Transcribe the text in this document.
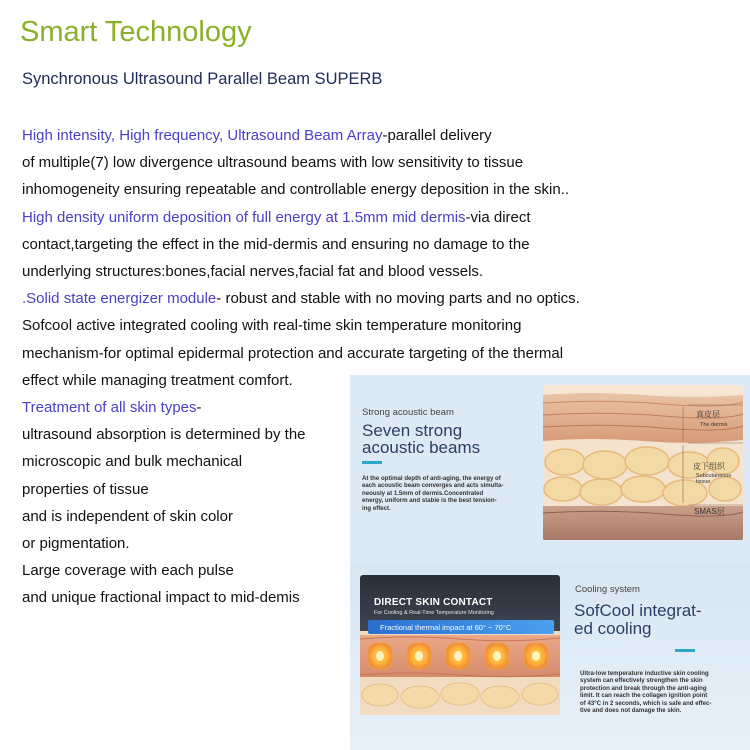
Smart Technology
Synchronous Ultrasound Parallel Beam SUPERB
High intensity, High frequency, Ultrasound Beam Array-parallel delivery
of multiple(7) low divergence ultrasound beams with low sensitivity to tissue
inhomogeneity ensuring repeatable and controllable energy deposition in the skin..
High density uniform deposition of full energy at 1.5mm mid dermis-via direct
contact,targeting the effect in the mid-dermis and ensuring no damage to the
underlying structures:bones,facial nerves,facial fat and blood vessels.
.Solid state energizer module- robust and stable with no moving parts and no optics.
Sofcool active integrated cooling with real-time skin temperature monitoring
mechanism-for optimal epidermal protection and accurate targeting of the thermal
effect while managing treatment comfort.
Treatment of all skin types-
ultrasound absorption is determined by the
microscopic and bulk mechanical
properties of tissue
and is independent of skin color
or pigmentation.
Large coverage with each pulse
and unique fractional impact to mid-demis
Strong acoustic beam
Seven strong
acoustic beams
At the optimal depth of anti-aging, the energy of
each acoustic beam converges and acts simulta-
neously at 1.5mm of dermis.Concentrated
energy, uniform and stable is the best tension-
ing effect.
真皮层
The dermis
皮下组织
Subcutaneous
tissue
SMAS层
DIRECT SKIN CONTACT
For Cooling & Real-Time Temperature Monitoring
Fractional thermal impact at 60° ~ 70°C
Cooling system
SofCool integrat-
ed cooling
Ultra-low temperature inductive skin cooling
system can effectively strengthen the skin
protection and break through the anti-aging
limit. It can reach the collagen ignition point
of 43°C in 2 seconds, which is safe and effec-
tive and does not damage the skin.
